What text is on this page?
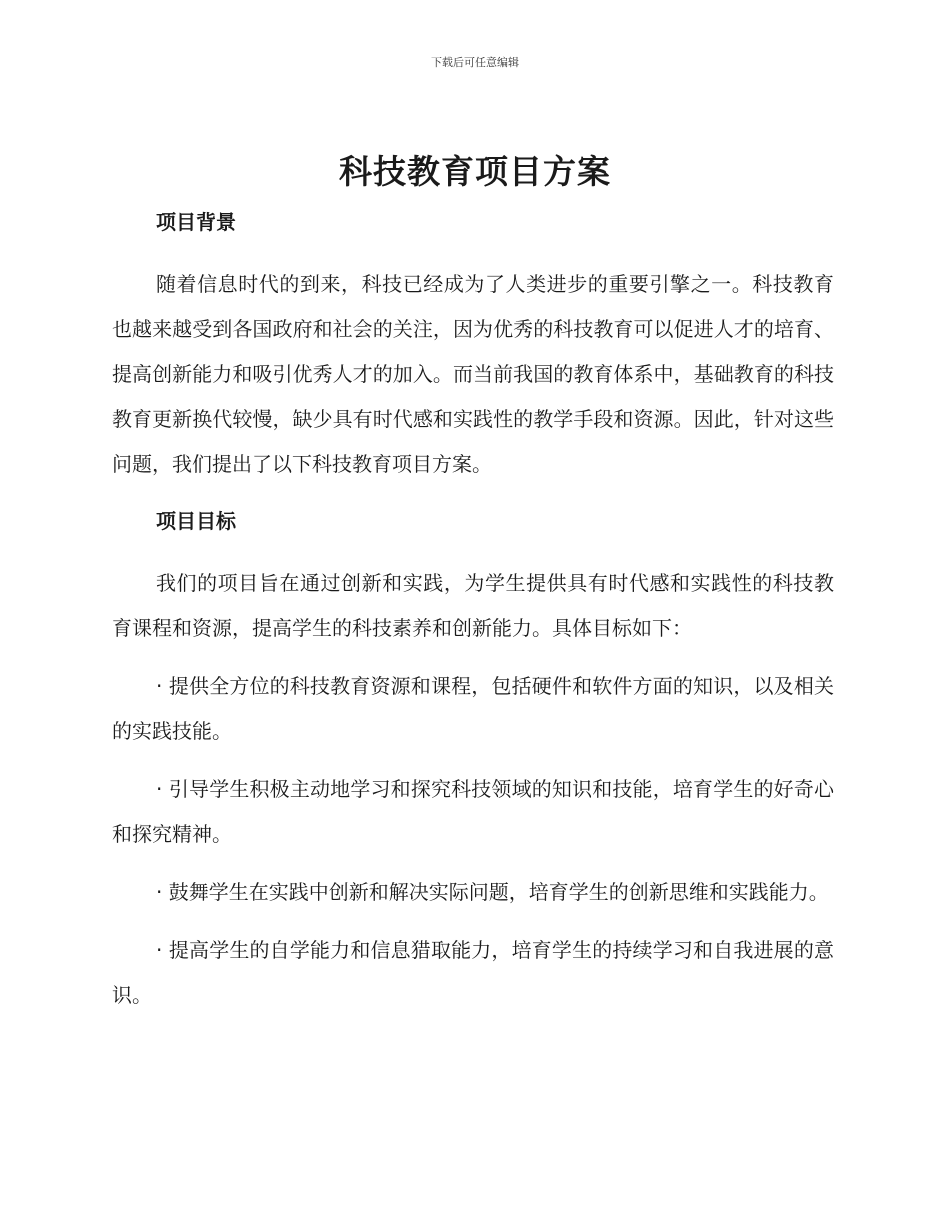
下载后可任意编辑
科技教育项目方案
项目背景

随着信息时代的到来，科技已经成为了人类进步的重要引擎之一。科技教育也越来越受到各国政府和社会的关注，因为优秀的科技教育可以促进人才的培育、提高创新能力和吸引优秀人才的加入。而当前我国的教育体系中，基础教育的科技教育更新换代较慢，缺少具有时代感和实践性的教学手段和资源。因此，针对这些问题，我们提出了以下科技教育项目方案。

项目目标

我们的项目旨在通过创新和实践，为学生提供具有时代感和实践性的科技教育课程和资源，提高学生的科技素养和创新能力。具体目标如下：

· 提供全方位的科技教育资源和课程，包括硬件和软件方面的知识，以及相关的实践技能。

· 引导学生积极主动地学习和探究科技领域的知识和技能，培育学生的好奇心和探究精神。

· 鼓舞学生在实践中创新和解决实际问题，培育学生的创新思维和实践能力。

· 提高学生的自学能力和信息猎取能力，培育学生的持续学习和自我进展的意识。
